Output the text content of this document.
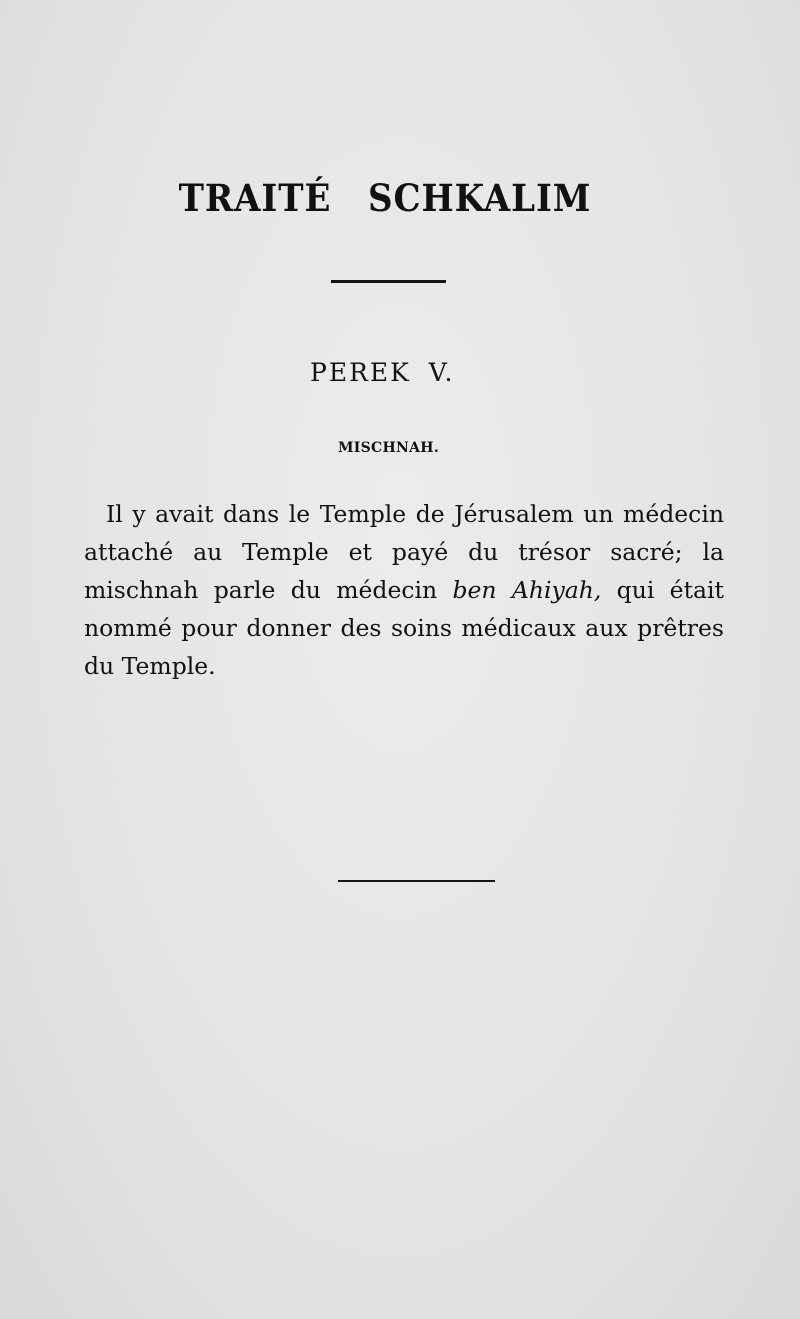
TRAITÉ SCHKALIM
PEREK V.
MISCHNAH.

Il y avait dans le Temple de Jérusalem un médecin attaché au Temple et payé du trésor sacré; la mischnah parle du médecin ben Ahiyah, qui était nommé pour donner des soins médicaux aux prêtres du Temple.
